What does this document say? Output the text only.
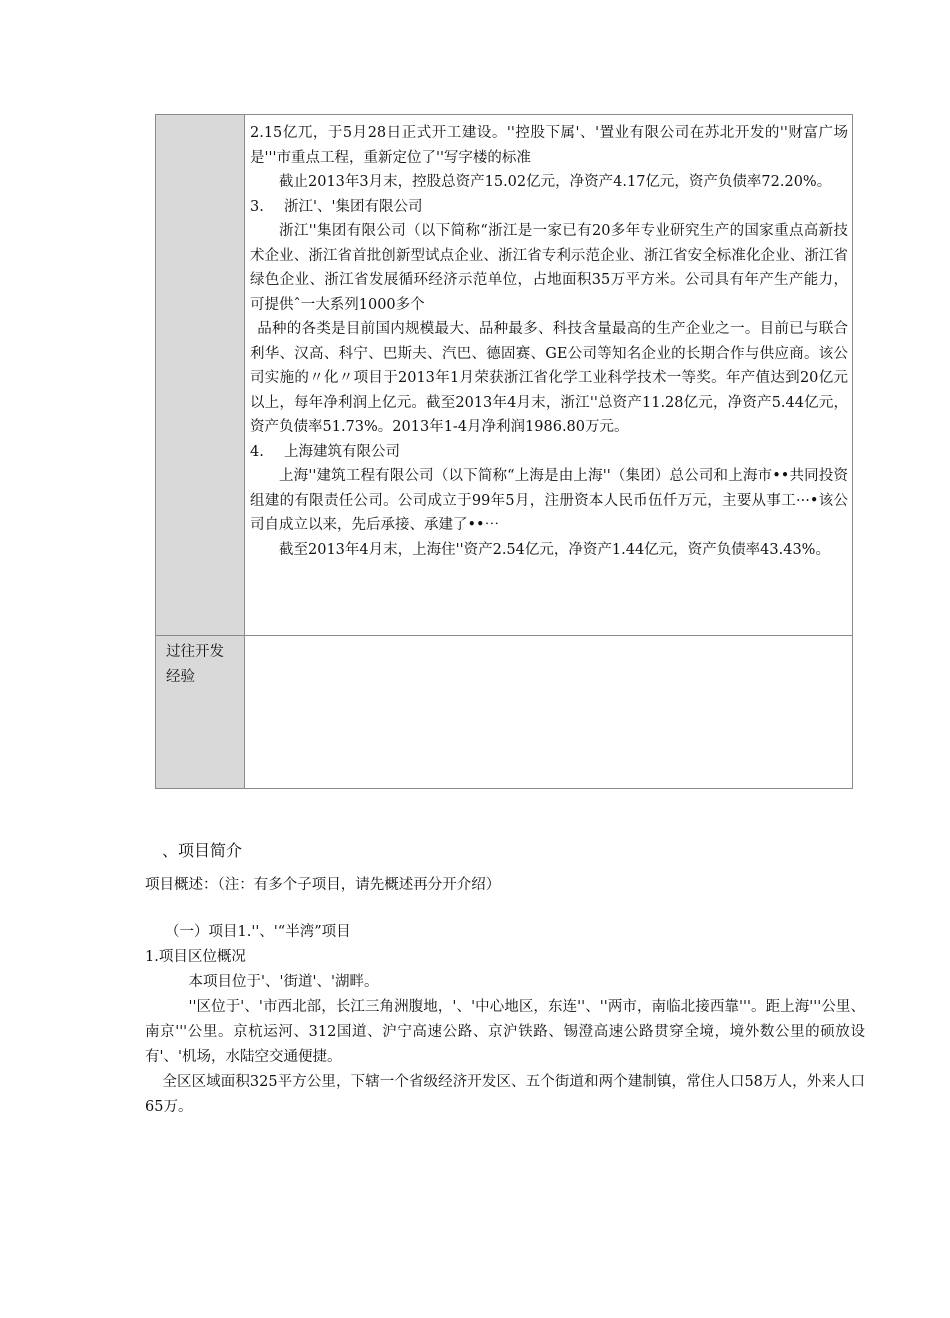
2.15亿兀，于5月28日正式开工建设。''控股下属'、'置业有限公司在苏北开发的''财富广场是'''市重点工程，重新定位了''写字楼的标准

截止2013年3月末，控股总资产15.02亿元，净资产4.17亿元，资产负债率72.20%。

3. 浙江'、'集团有限公司

浙江''集团有限公司（以下简称“浙江是一家已有20多年专业研究生产的国家重点高新技术企业、浙江省首批创新型试点企业、浙江省专利示范企业、浙江省安全标准化企业、浙江省绿色企业、浙江省发展循环经济示范单位，占地面积35万平方米。公司具有年产生产能力，可提供ˆ一大系列1000多个

品种的各类是目前国内规模最大、品种最多、科技含量最高的生产企业之一。目前已与联合利华、汉高、科宁、巴斯夫、汽巴、德固赛、GE公司等知名企业的长期合作与供应商。该公司实施的〃化〃项目于2013年1月荣获浙江省化学工业科学技术一等奖。年产值达到20亿元以上，每年净利润上亿元。截至2013年4月末，浙江''总资产11.28亿元，净资产5.44亿元，资产负债率51.73%。2013年1-4月净利润1986.80万元。

4. 上海建筑有限公司

上海''建筑工程有限公司（以下简称“上海是由上海''（集团）总公司和上海市••共同投资组建的有限责任公司。公司成立于99年5月，注册资本人民币伍仟万元，主要从事工···•该公司自成立以来，先后承接、承建了••⋯

截至2013年4月末，上海住''资产2.54亿元，净资产1.44亿元，资产负债率43.43%。

过往开发经验
、项目简介
项目概述：（注：有多个子项目，请先概述再分开介绍）
（一）项目1.''、'“半湾”项目
1.项目区位概况

本项目位于'、'街道'、'湖畔。

''区位于'、'市西北部，长江三角洲腹地，'、'中心地区，东连''、''两市，南临北接西靠'''。距上海'''公里、南京'''公里。京杭运河、312国道、沪宁高速公路、京沪铁路、锡澄高速公路贯穿全境，境外数公里的硕放设有'、'机场，水陆空交通便捷。

全区区域面积325平方公里，下辖一个省级经济开发区、五个街道和两个建制镇，常住人口58万人，外来人口65万。
